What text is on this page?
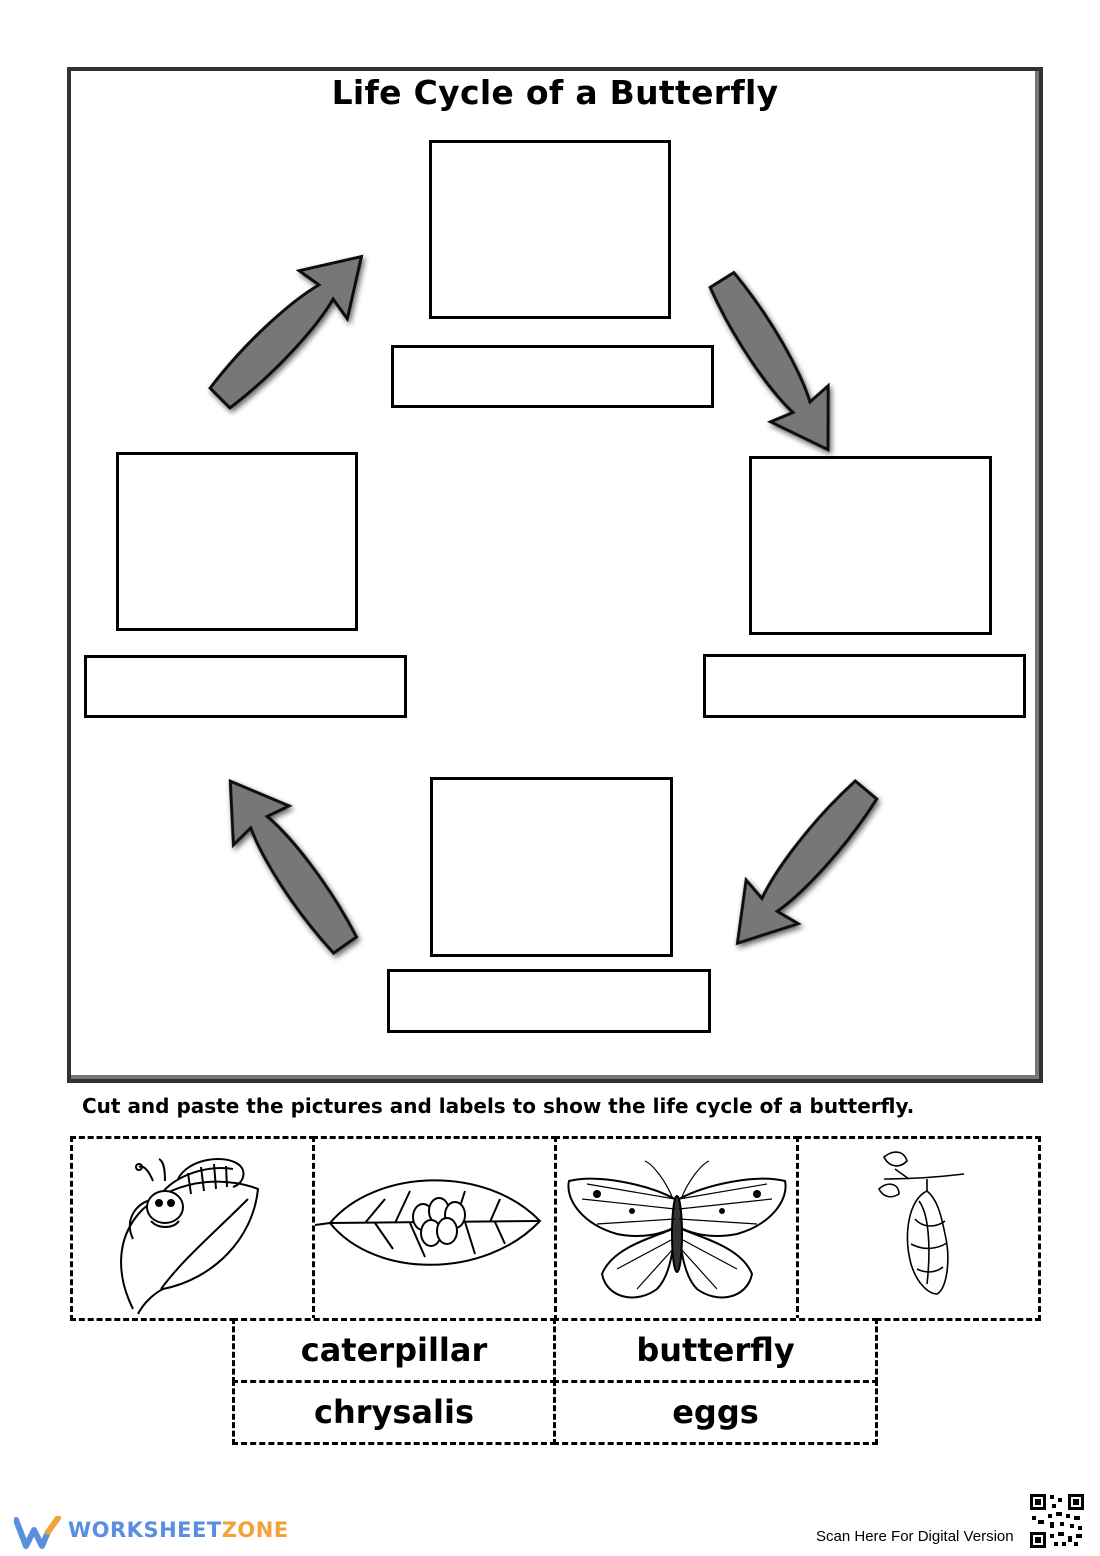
Life Cycle of a Butterfly
Cut and paste the pictures and labels to show the life cycle of a butterfly.
caterpillar	butterfly
chrysalis	eggs
WORKSHEETZONE	Scan Here For Digital Version
